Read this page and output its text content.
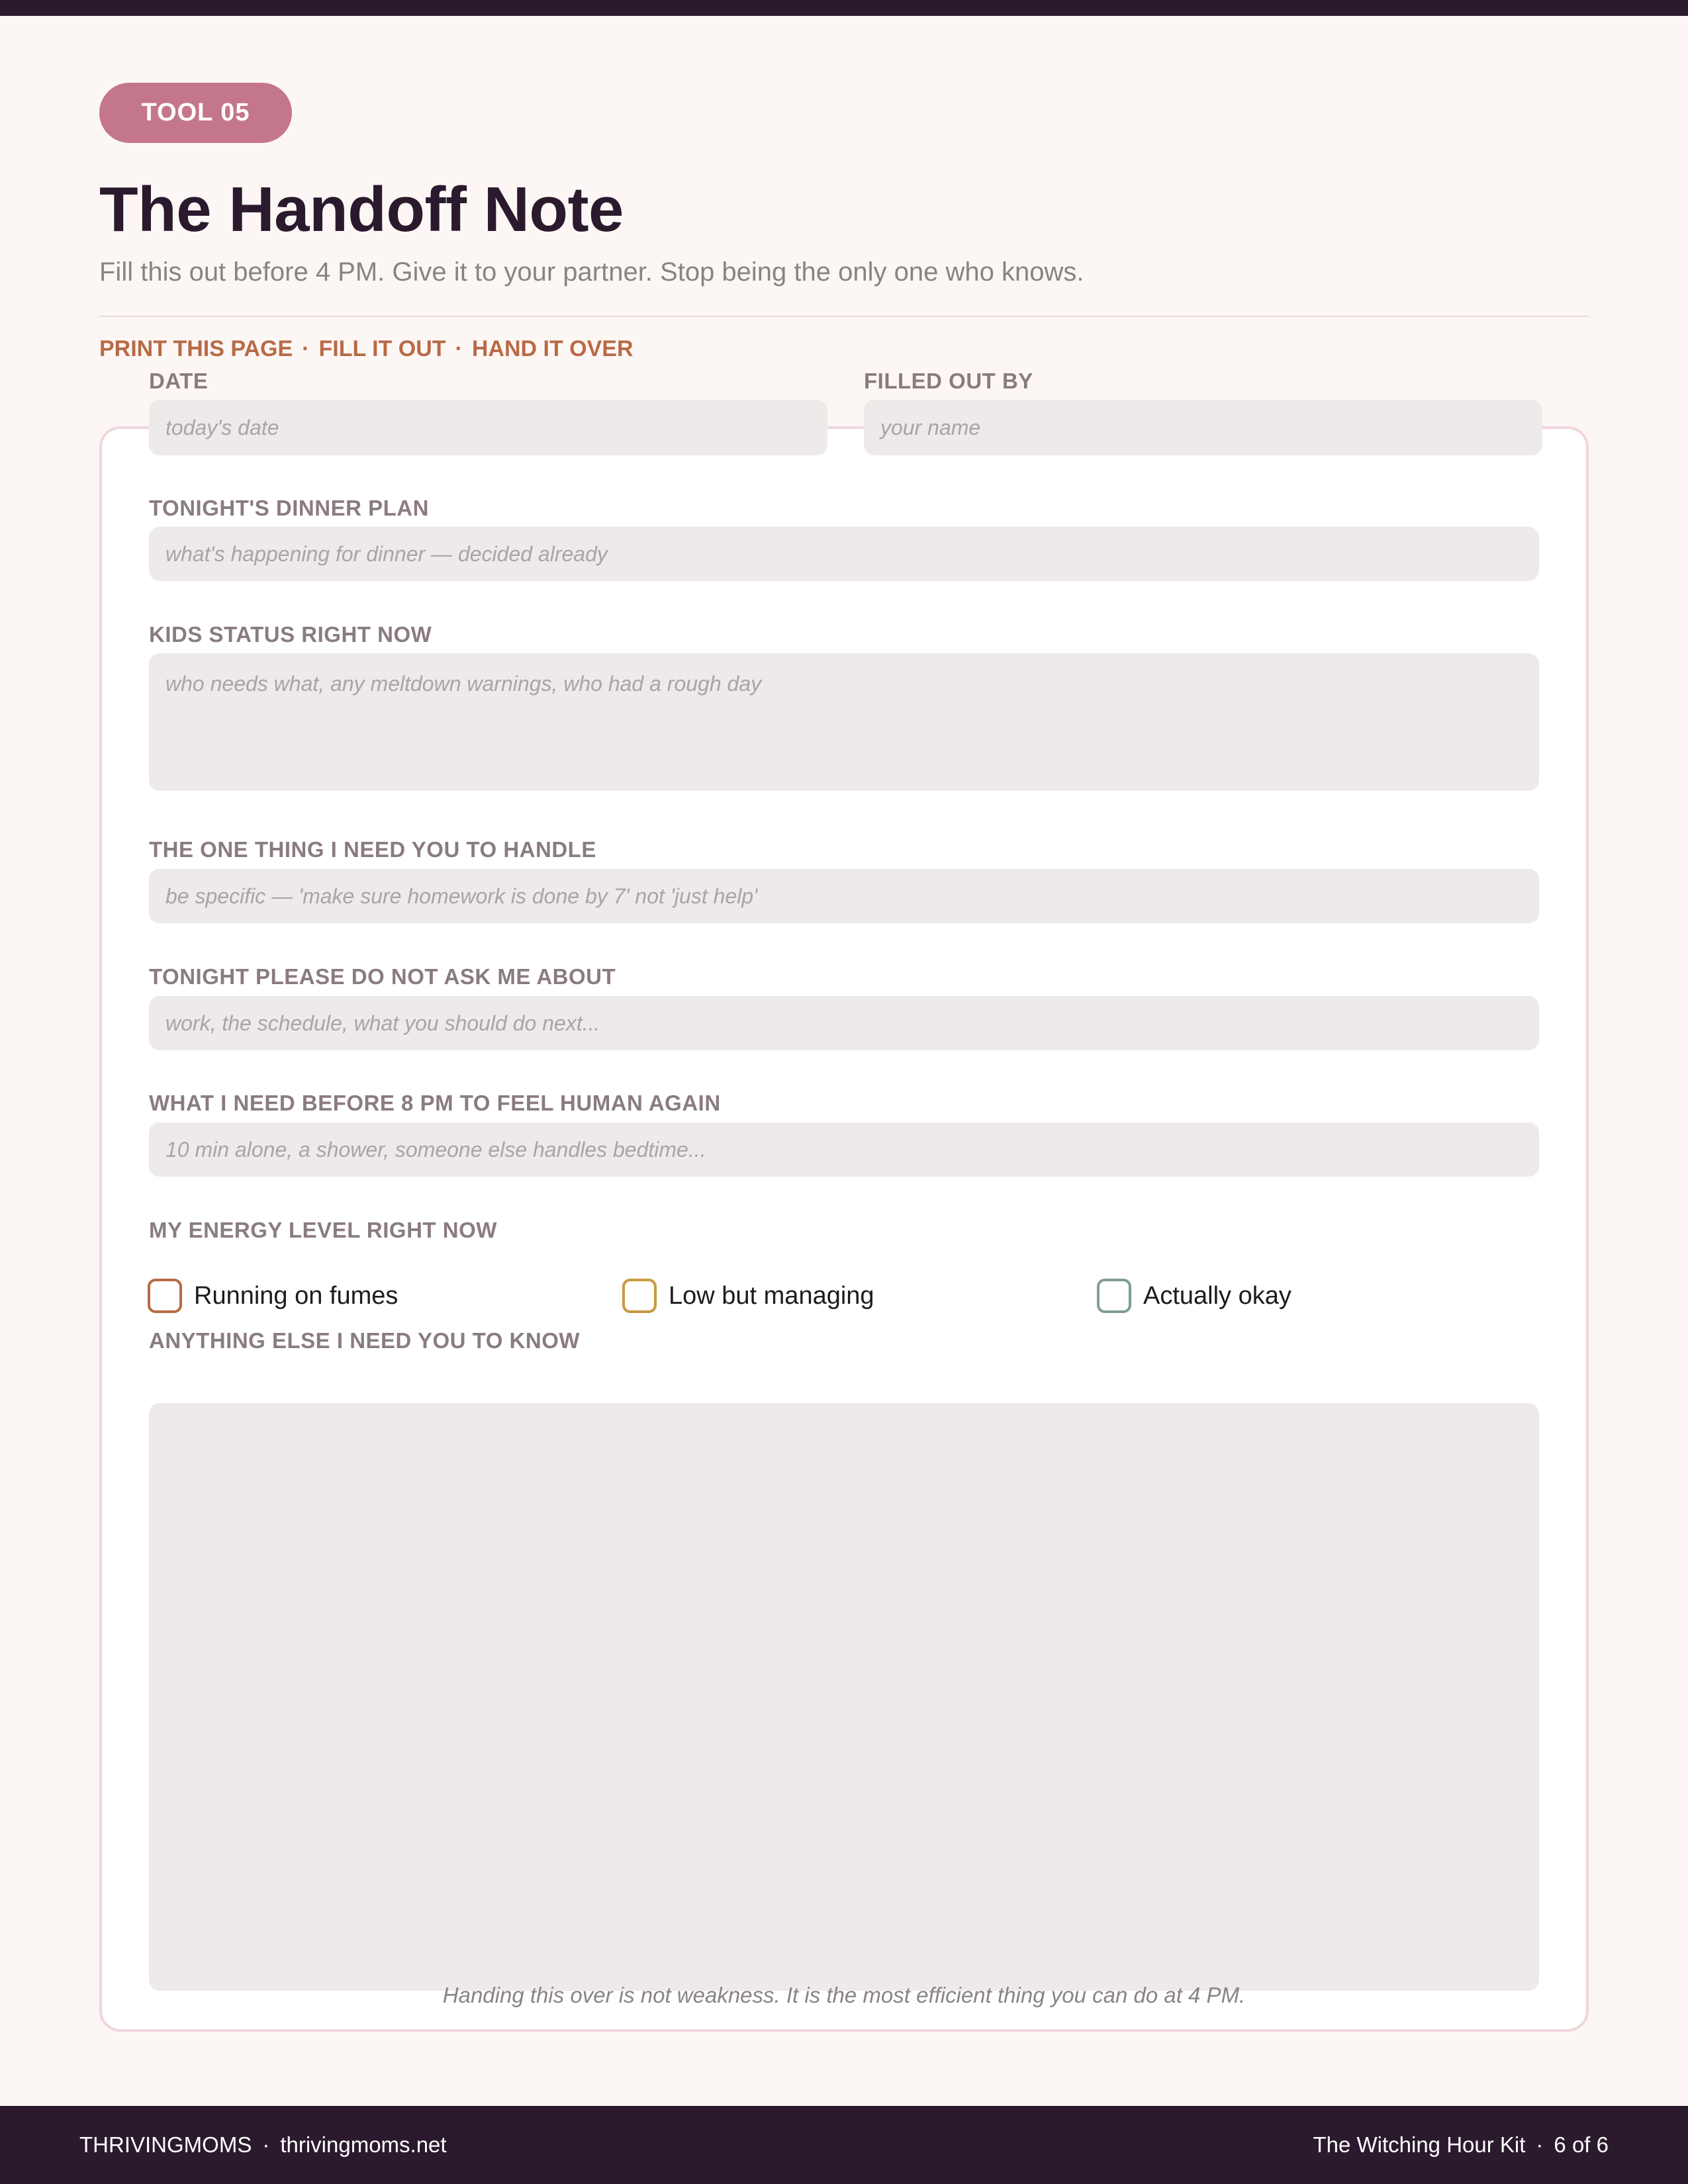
TOOL 05
The Handoff Note

Fill this out before 4 PM. Give it to your partner. Stop being the only one who knows.

PRINT THIS PAGE · FILL IT OUT · HAND IT OVER
DATE
today's date
FILLED OUT BY
your name
TONIGHT'S DINNER PLAN
what's happening for dinner — decided already
KIDS STATUS RIGHT NOW
who needs what, any meltdown warnings, who had a rough day
THE ONE THING I NEED YOU TO HANDLE
be specific — 'make sure homework is done by 7' not 'just help'
TONIGHT PLEASE DO NOT ASK ME ABOUT
work, the schedule, what you should do next...
WHAT I NEED BEFORE 8 PM TO FEEL HUMAN AGAIN
10 min alone, a shower, someone else handles bedtime...
MY ENERGY LEVEL RIGHT NOW
Running on fumes	Low but managing	Actually okay
ANYTHING ELSE I NEED YOU TO KNOW

Handing this over is not weakness. It is the most efficient thing you can do at 4 PM.

THRIVINGMOMS · thrivingmoms.net	The Witching Hour Kit · 6 of 6
